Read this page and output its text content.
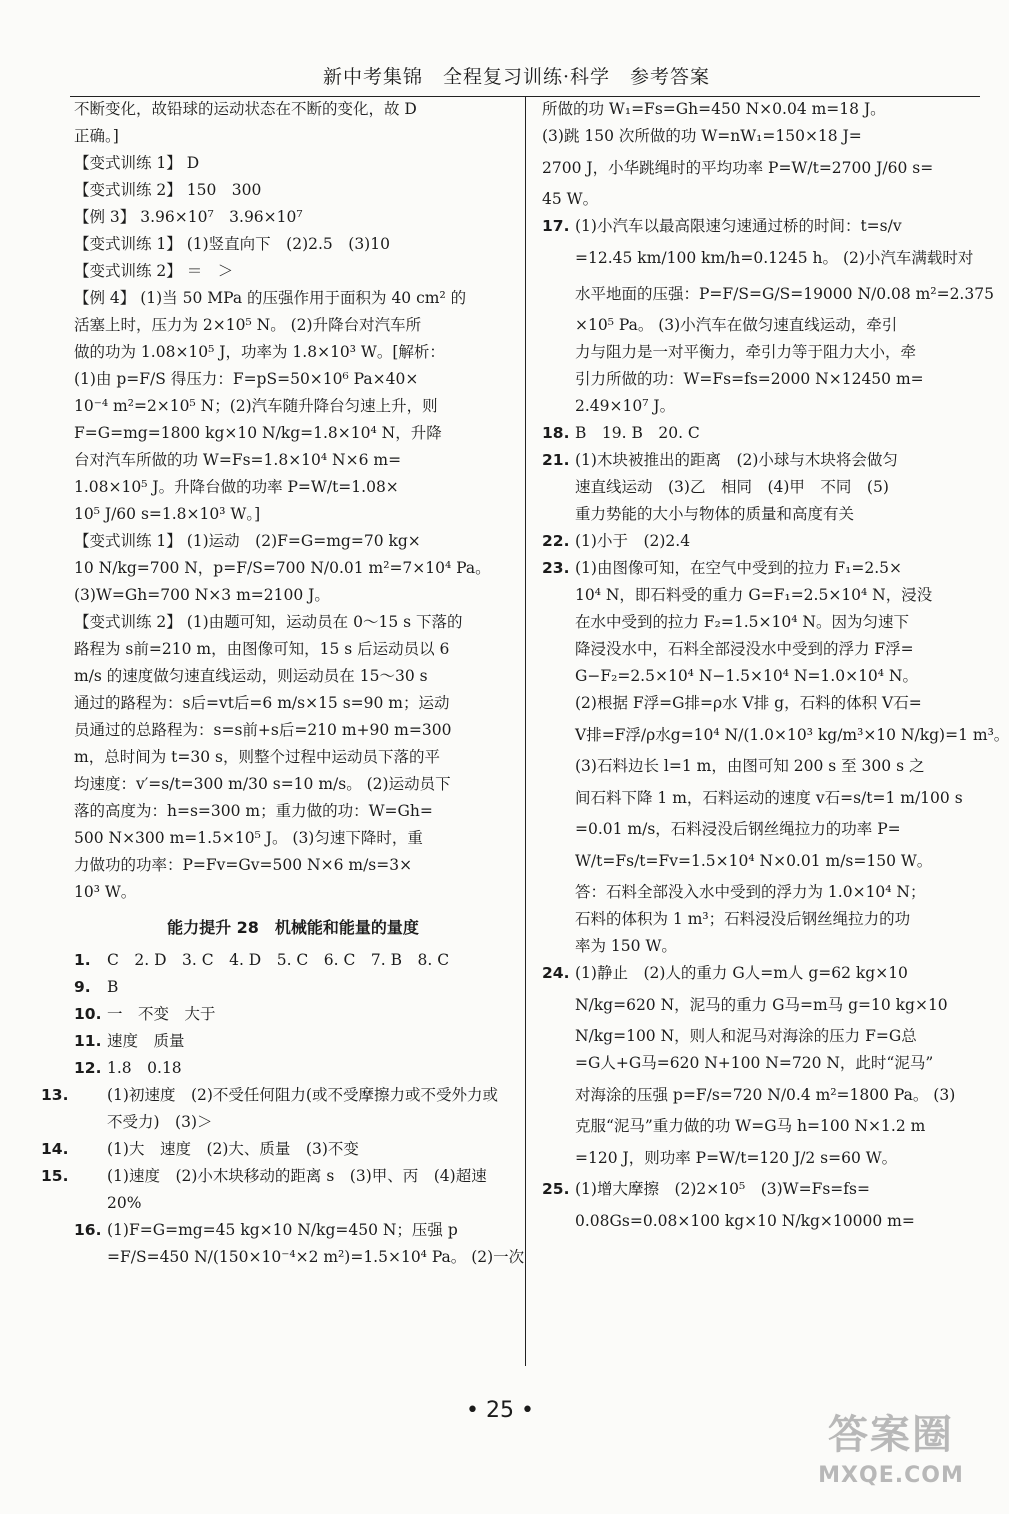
新中考集锦　全程复习训练·科学　参考答案
不断变化，故铅球的运动状态在不断的变化，故 D
正确。]
【变式训练 1】 D
【变式训练 2】 150　300
【例 3】 3.96×10⁷　3.96×10⁷
【变式训练 1】 (1)竖直向下　(2)2.5　(3)10
【变式训练 2】 ＝　＞
【例 4】 (1)当 50 MPa 的压强作用于面积为 40 cm² 的
活塞上时，压力为 2×10⁵ N。 (2)升降台对汽车所
做的功为 1.08×10⁵ J，功率为 1.8×10³ W。[解析：
(1)由 p=F/S 得压力：F=pS=50×10⁶ Pa×40×
10⁻⁴ m²=2×10⁵ N；(2)汽车随升降台匀速上升，则
F=G=mg=1800 kg×10 N/kg=1.8×10⁴ N，升降
台对汽车所做的功 W=Fs=1.8×10⁴ N×6 m=
1.08×10⁵ J。升降台做的功率 P=W/t=1.08×
10⁵ J/60 s=1.8×10³ W。]
【变式训练 1】 (1)运动　(2)F=G=mg=70 kg×
10 N/kg=700 N，p=F/S=700 N/0.01 m²=7×10⁴ Pa。
(3)W=Gh=700 N×3 m=2100 J。
【变式训练 2】 (1)由题可知，运动员在 0～15 s 下落的
路程为 s前=210 m，由图像可知，15 s 后运动员以 6
m/s 的速度做匀速直线运动，则运动员在 15～30 s
通过的路程为：s后=vt后=6 m/s×15 s=90 m；运动
员通过的总路程为：s=s前+s后=210 m+90 m=300
m，总时间为 t=30 s，则整个过程中运动员下落的平
均速度：v′=s/t=300 m/30 s=10 m/s。 (2)运动员下
落的高度为：h=s=300 m；重力做的功：W=Gh=
500 N×300 m=1.5×10⁵ J。 (3)匀速下降时，重
力做功的功率：P=Fv=Gv=500 N×6 m/s=3×
10³ W。
能力提升 28　机械能和能量的量度
1. C　2. D　3. C　4. D　5. C　6. C　7. B　8. C
9. B
10. 一　不变　大于
11. 速度　质量
12. 1.8　0.18
13. (1)初速度　(2)不受任何阻力(或不受摩擦力或不受外力或不受力)　(3)＞
14. (1)大　速度　(2)大、质量　(3)不变
15. (1)速度　(2)小木块移动的距离 s　(3)甲、丙　(4)超速 20%
16. (1)F=G=mg=45 kg×10 N/kg=450 N；压强 p
=F/S=450 N/(150×10⁻⁴×2 m²)=1.5×10⁴ Pa。 (2)一次
所做的功 W₁=Fs=Gh=450 N×0.04 m=18 J。
(3)跳 150 次所做的功 W=nW₁=150×18 J=
2700 J，小华跳绳时的平均功率 P=W/t=2700 J/60 s=
45 W。
17. (1)小汽车以最高限速匀速通过桥的时间：t=s/v
=12.45 km/100 km/h=0.1245 h。 (2)小汽车满载时对
水平地面的压强：P=F/S=G/S=19000 N/0.08 m²=2.375
×10⁵ Pa。 (3)小汽车在做匀速直线运动，牵引
力与阻力是一对平衡力，牵引力等于阻力大小，牵
引力所做的功：W=Fs=fs=2000 N×12450 m=
2.49×10⁷ J。
18. B　19. B　20. C
21. (1)木块被推出的距离　(2)小球与木块将会做匀
速直线运动　(3)乙　相同　(4)甲　不同　(5)
重力势能的大小与物体的质量和高度有关
22. (1)小于　(2)2.4
23. (1)由图像可知，在空气中受到的拉力 F₁=2.5×
10⁴ N，即石料受的重力 G=F₁=2.5×10⁴ N，浸没
在水中受到的拉力 F₂=1.5×10⁴ N。因为匀速下
降浸没水中，石料全部浸没水中受到的浮力 F浮=
G−F₂=2.5×10⁴ N−1.5×10⁴ N=1.0×10⁴ N。
(2)根据 F浮=G排=ρ水 V排 g，石料的体积 V石=
V排=F浮/ρ水g=10⁴ N/(1.0×10³ kg/m³×10 N/kg)=1 m³。
(3)石料边长 l=1 m，由图可知 200 s 至 300 s 之
间石料下降 1 m，石料运动的速度 v石=s/t=1 m/100 s
=0.01 m/s，石料浸没后钢丝绳拉力的功率 P=
W/t=Fs/t=Fv=1.5×10⁴ N×0.01 m/s=150 W。
答：石料全部没入水中受到的浮力为 1.0×10⁴ N；
石料的体积为 1 m³；石料浸没后钢丝绳拉力的功
率为 150 W。
24. (1)静止　(2)人的重力 G人=m人 g=62 kg×10
N/kg=620 N，泥马的重力 G马=m马 g=10 kg×10
N/kg=100 N，则人和泥马对海涂的压力 F=G总
=G人+G马=620 N+100 N=720 N，此时“泥马”
对海涂的压强 p=F/s=720 N/0.4 m²=1800 Pa。 (3)
克服“泥马”重力做的功 W=G马 h=100 N×1.2 m
=120 J，则功率 P=W/t=120 J/2 s=60 W。
25. (1)增大摩擦　(2)2×10⁵　(3)W=Fs=fs=
0.08Gs=0.08×100 kg×10 N/kg×10000 m=
• 25 •
答案圈
MXQE.COM
